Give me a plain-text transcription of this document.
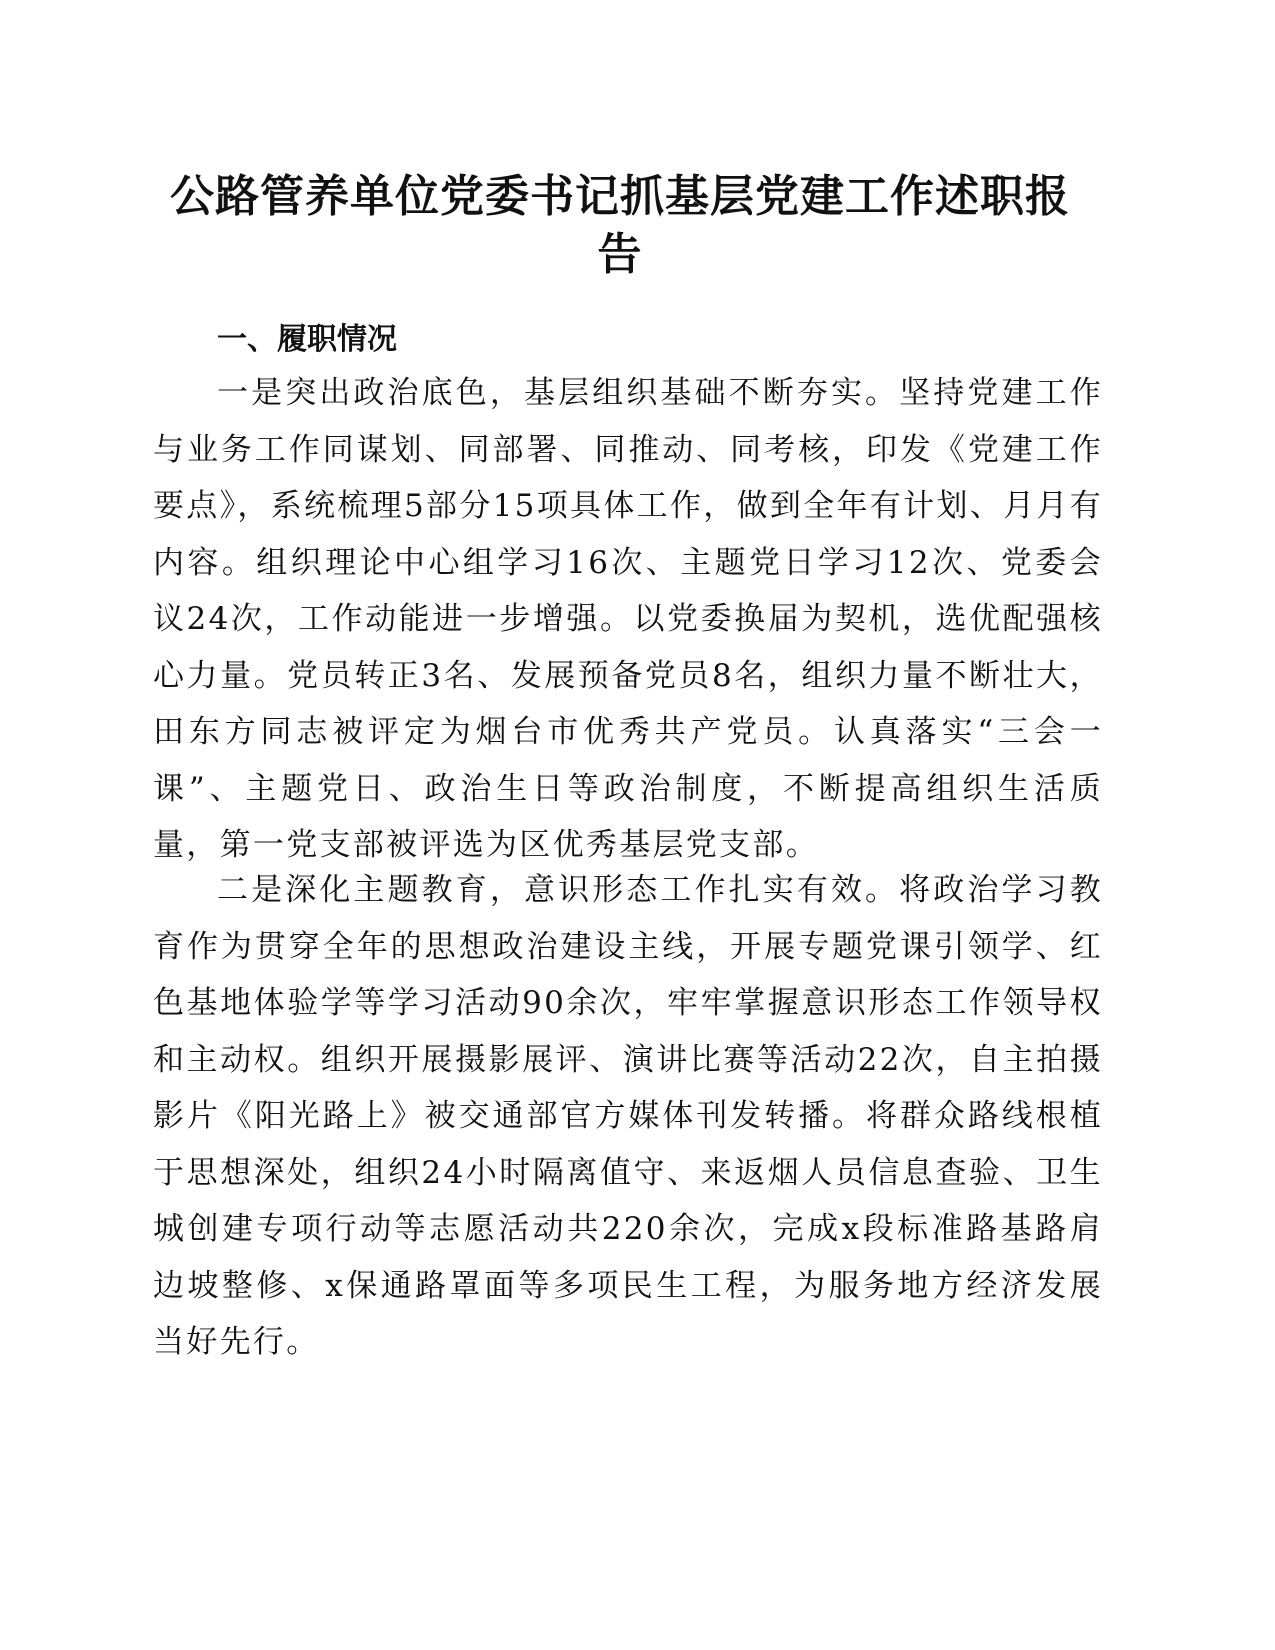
公路管养单位党委书记抓基层党建工作述职报告
一、履职情况

一是突出政治底色，基层组织基础不断夯实。坚持党建工作与业务工作同谋划、同部署、同推动、同考核，印发《党建工作要点》，系统梳理5部分15项具体工作，做到全年有计划、月月有内容。组织理论中心组学习16次、主题党日学习12次、党委会议24次，工作动能进一步增强。以党委换届为契机，选优配强核心力量。党员转正3名、发展预备党员8名，组织力量不断壮大，田东方同志被评定为烟台市优秀共产党员。认真落实“三会一课”、主题党日、政治生日等政治制度，不断提高组织生活质量，第一党支部被评选为区优秀基层党支部。

二是深化主题教育，意识形态工作扎实有效。将政治学习教育作为贯穿全年的思想政治建设主线，开展专题党课引领学、红色基地体验学等学习活动90余次，牢牢掌握意识形态工作领导权和主动权。组织开展摄影展评、演讲比赛等活动22次，自主拍摄影片《阳光路上》被交通部官方媒体刊发转播。将群众路线根植于思想深处，组织24小时隔离值守、来返烟人员信息查验、卫生城创建专项行动等志愿活动共220余次，完成x段标准路基路肩边坡整修、x保通路罩面等多项民生工程，为服务地方经济发展当好先行。
